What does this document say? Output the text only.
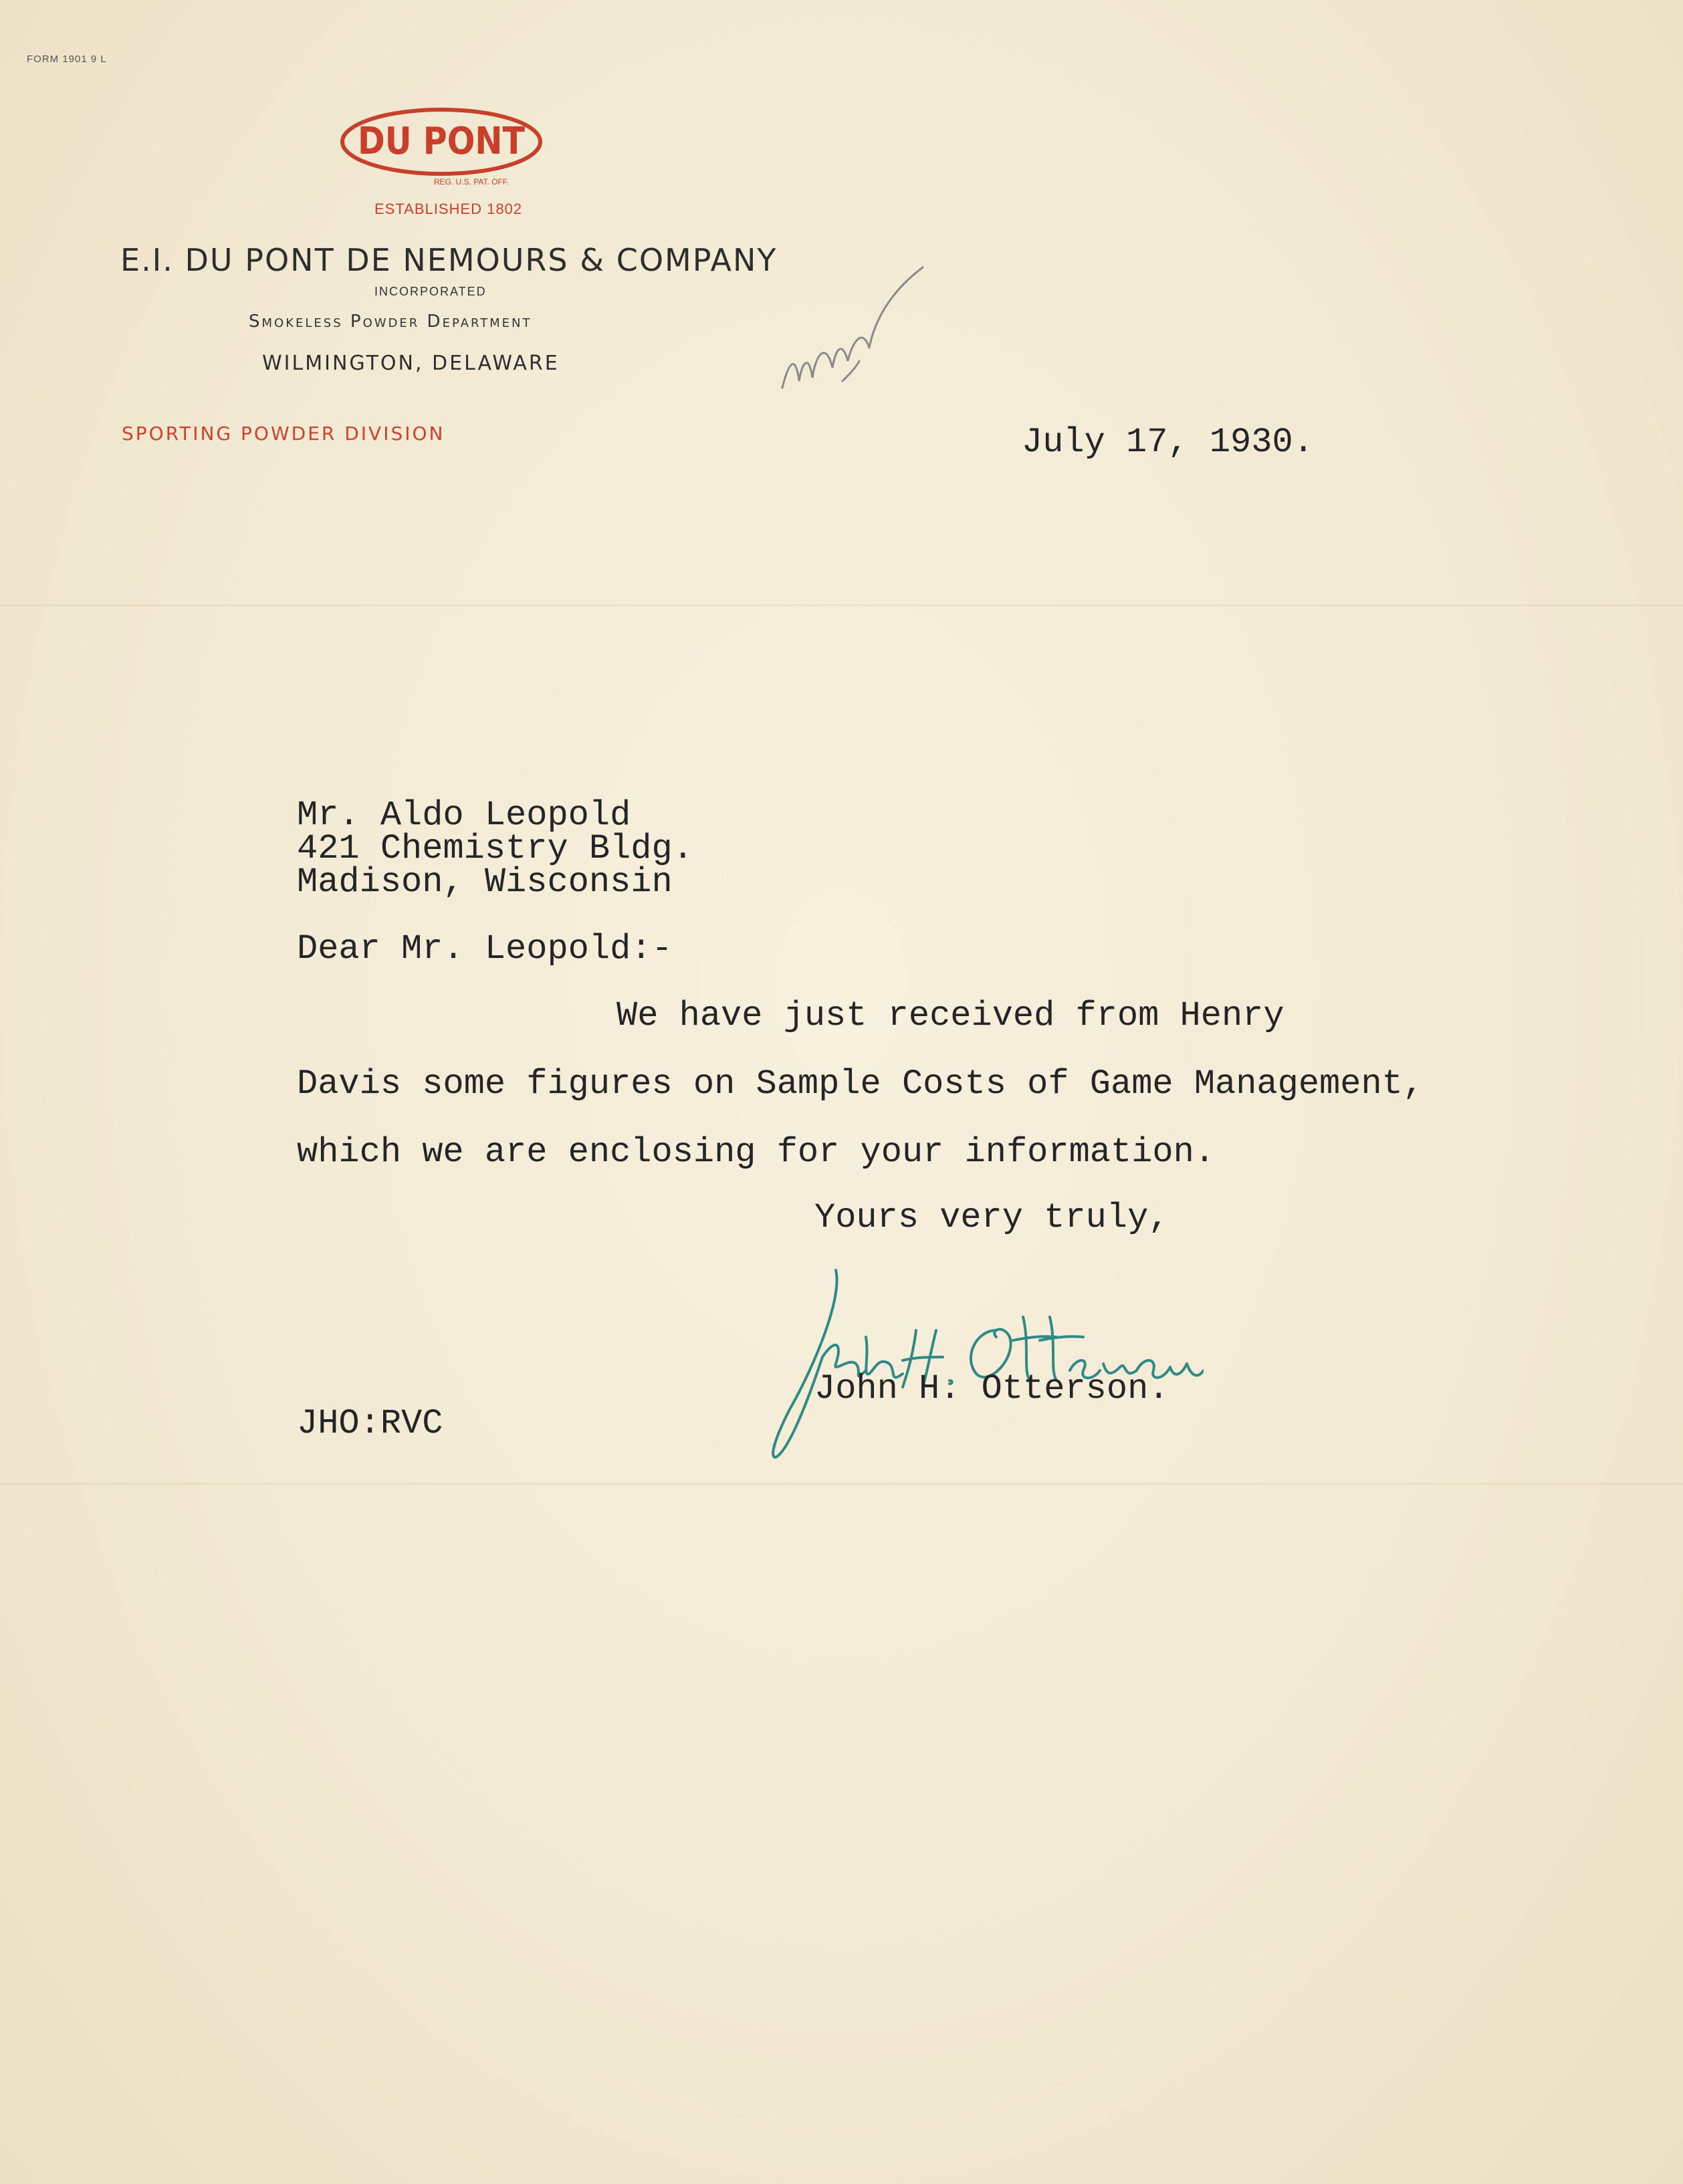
FORM 1901 9 L
DU PONT
REG. U.S. PAT. OFF.
ESTABLISHED 1802
E.I. DU PONT DE NEMOURS & COMPANY
INCORPORATED
Smokeless Powder Department
WILMINGTON, DELAWARE
SPORTING POWDER DIVISION	July 17, 1930.
Mr. Aldo Leopold
421 Chemistry Bldg.
Madison, Wisconsin
Dear Mr. Leopold:-
We have just received from Henry
Davis some figures on Sample Costs of Game Management,
which we are enclosing for your information.
Yours very truly,
John H. Otterson.
JHO:RVC
